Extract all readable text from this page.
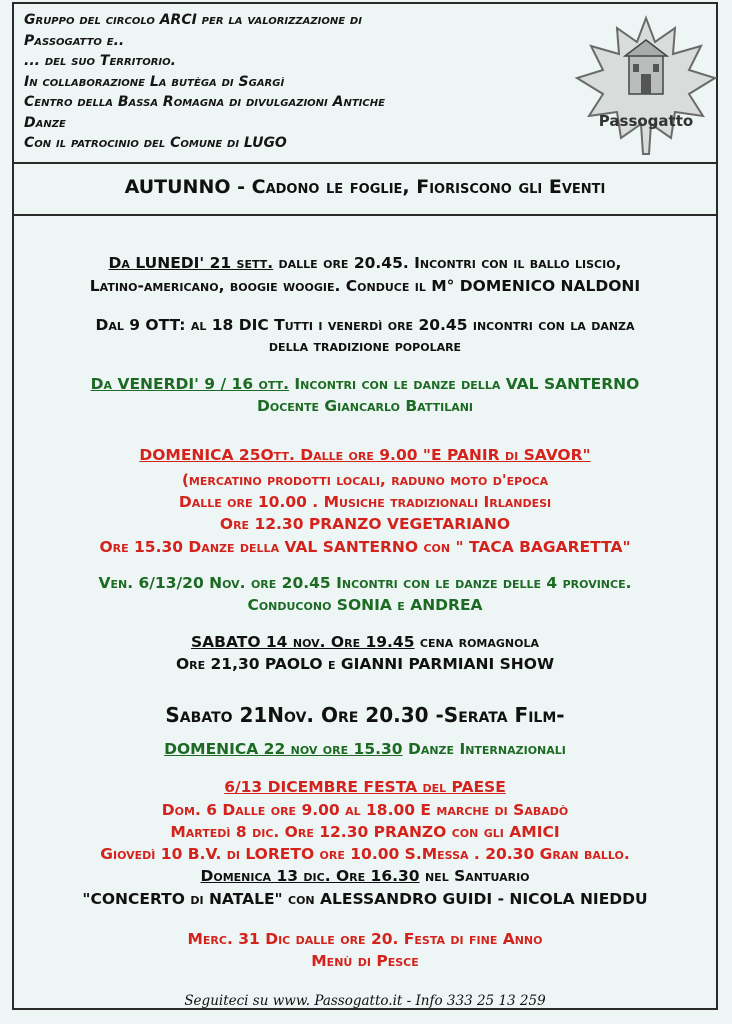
Gruppo del circolo ARCI per la valorizzazione di
Passogatto e..
... del suo Territorio.
In collaborazione La butèga di Sgargì
Centro della Bassa Romagna di divulgazioni Antiche
Danze
Con il patrocinio del Comune di LUGO
Passogatto
AUTUNNO - Cadono le foglie, Fioriscono gli Eventi
Da LUNEDI' 21 sett. dalle ore 20.45. Incontri con il ballo liscio,
Latino-americano, boogie woogie. Conduce il M° DOMENICO NALDONI
Dal 9 OTT: al 18 DIC Tutti i venerdì ore 20.45 incontri con la danza
della tradizione popolare
Da VENERDI' 9 / 16 ott. Incontri con le danze della VAL SANTERNO
Docente Giancarlo Battilani
DOMENICA 25Ott. Dalle ore 9.00 "E PANIR di SAVOR"
(mercatino prodotti locali, raduno moto d'epoca
Dalle ore 10.00 . Musiche tradizionali Irlandesi
Ore 12.30 PRANZO VEGETARIANO
Ore 15.30 Danze della VAL SANTERNO con " TACA BAGARETTA"
Ven. 6/13/20 Nov. ore 20.45 Incontri con le danze delle 4 province.
Conducono SONIA e ANDREA
SABATO 14 nov. Ore 19.45 cena romagnola
Ore 21,30 PAOLO e GIANNI PARMIANI SHOW
Sabato 21Nov. Ore 20.30 -Serata Film-
DOMENICA 22 nov ore 15.30 Danze Internazionali
6/13 DICEMBRE FESTA del PAESE
Dom. 6 Dalle ore 9.00 al 18.00 E marche di Sabadò
Martedì 8 dic. Ore 12.30 PRANZO con gli AMICI
Giovedì 10 B.V. di LORETO ore 10.00 S.Messa . 20.30 Gran ballo.
Domenica 13 dic. Ore 16.30 nel Santuario
"CONCERTO di NATALE" con ALESSANDRO GUIDI - NICOLA NIEDDU
Merc. 31 Dic dalle ore 20. Festa di fine Anno
Menù di Pesce
Seguiteci su www. Passogatto.it - Info 333 25 13 259
